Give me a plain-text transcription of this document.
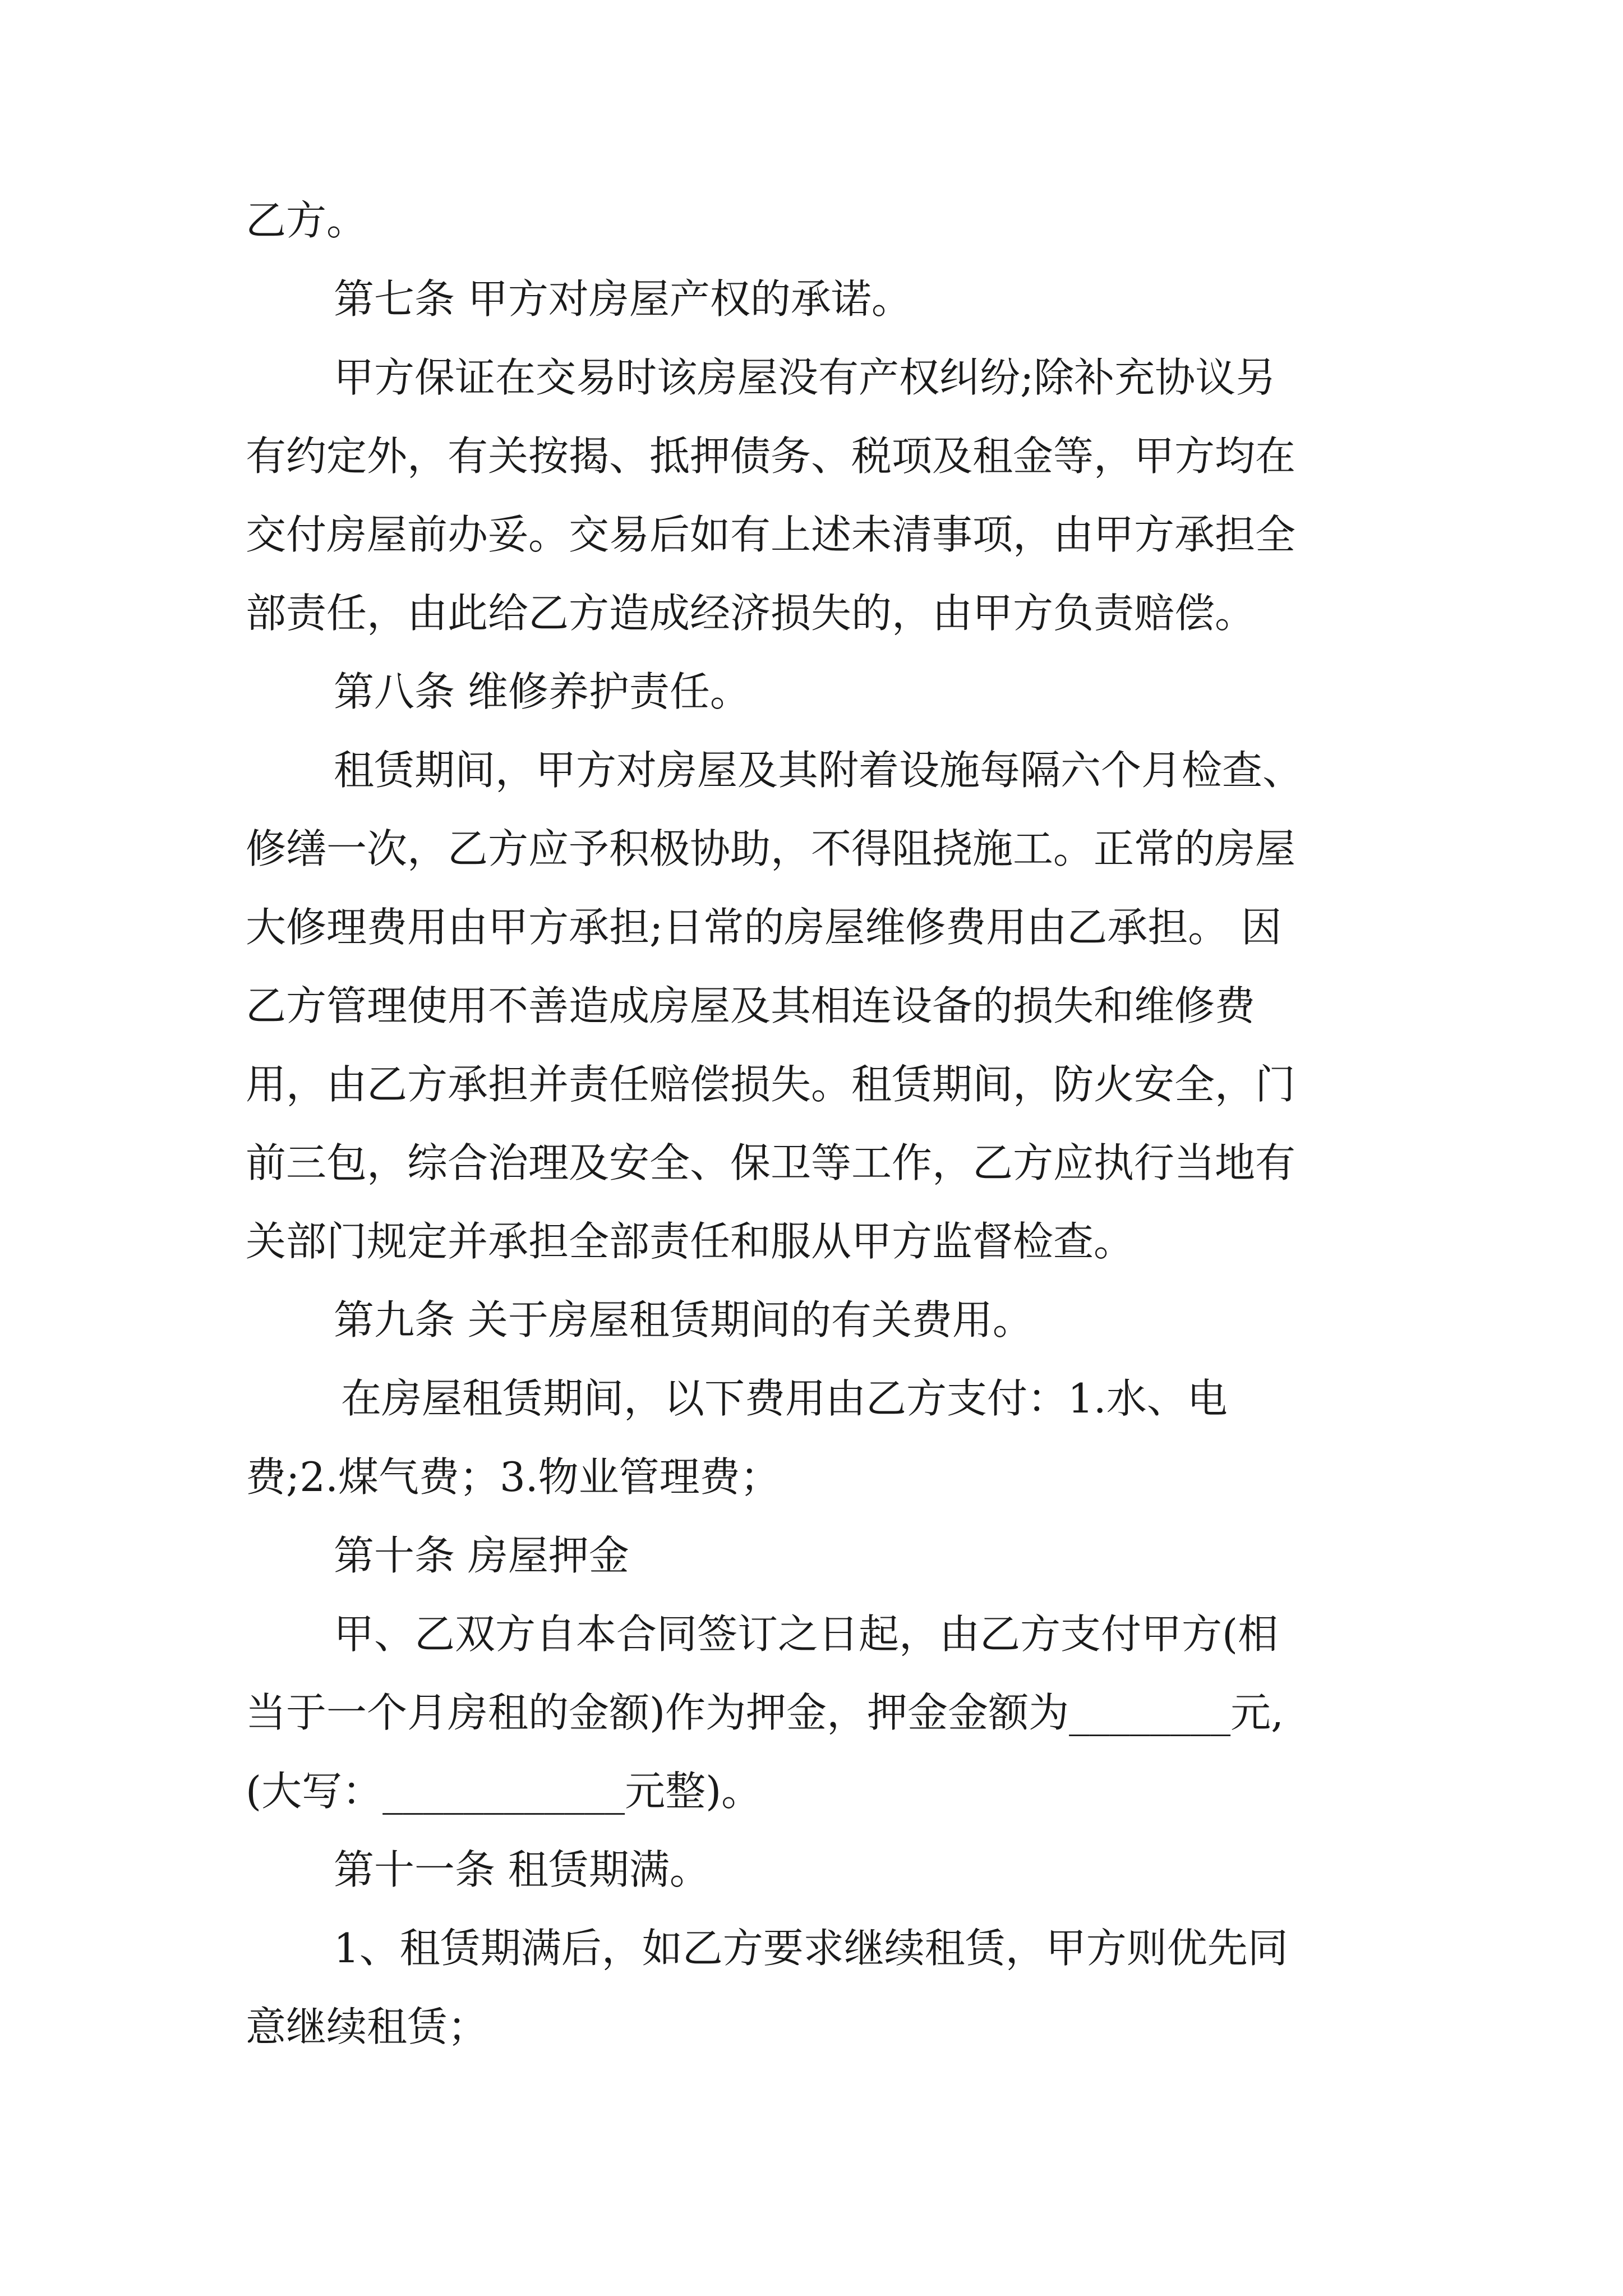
乙方。
第七条 甲方对房屋产权的承诺。
甲方保证在交易时该房屋没有产权纠纷;除补充协议另
有约定外，有关按揭、抵押债务、税项及租金等，甲方均在
交付房屋前办妥。交易后如有上述未清事项，由甲方承担全
部责任，由此给乙方造成经济损失的，由甲方负责赔偿。
第八条 维修养护责任。
租赁期间，甲方对房屋及其附着设施每隔六个月检查、
修缮一次，乙方应予积极协助，不得阻挠施工。正常的房屋
大修理费用由甲方承担;日常的房屋维修费用由乙承担。 因
乙方管理使用不善造成房屋及其相连设备的损失和维修费
用，由乙方承担并责任赔偿损失。租赁期间，防火安全，门
前三包，综合治理及安全、保卫等工作，乙方应执行当地有
关部门规定并承担全部责任和服从甲方监督检查。
第九条 关于房屋租赁期间的有关费用。
在房屋租赁期间，以下费用由乙方支付：1.水、电
费;2.煤气费；3.物业管理费；
第十条 房屋押金
甲、乙双方自本合同签订之日起，由乙方支付甲方(相
当于一个月房租的金额)作为押金，押金金额为________元,
(大写：____________元整)。
第十一条 租赁期满。
1、租赁期满后，如乙方要求继续租赁，甲方则优先同
意继续租赁；
